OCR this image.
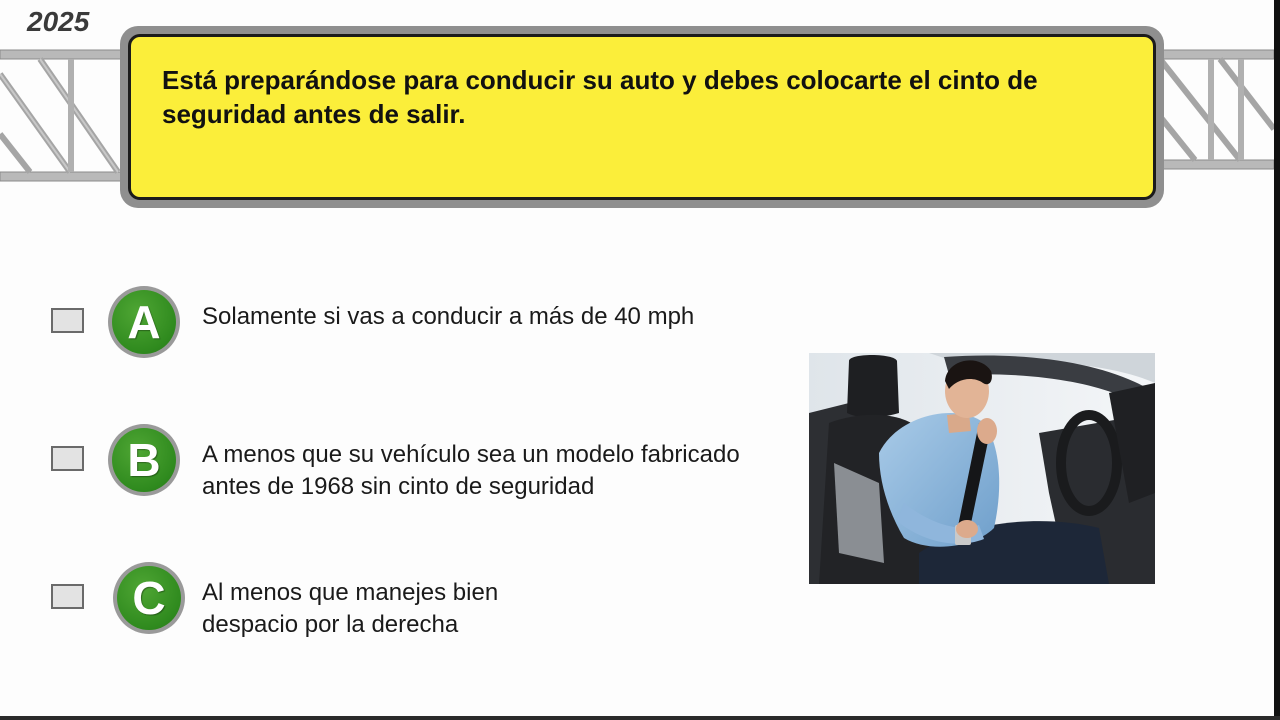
2025
Está preparándose para conducir su auto y debes colocarte el cinto de seguridad antes de salir.
A	Solamente si vas a conducir a más de 40 mph
B	A menos que su vehículo sea un modelo fabricado antes de 1968 sin cinto de seguridad
C	Al menos que manejes bien despacio por la derecha
